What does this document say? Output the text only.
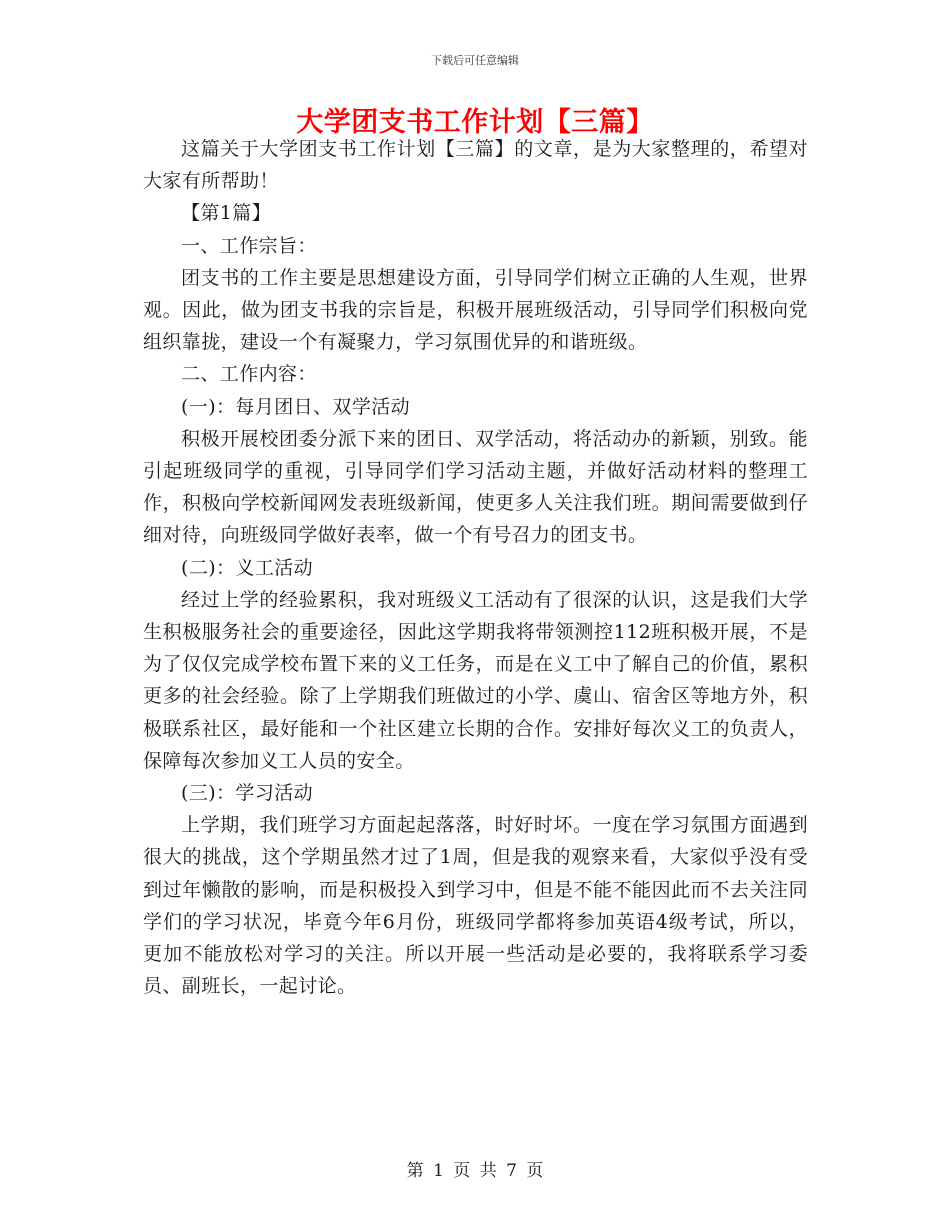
下载后可任意编辑
大学团支书工作计划【三篇】

这篇关于大学团支书工作计划【三篇】的文章，是为大家整理的，希望对大家有所帮助！

【第1篇】

一、工作宗旨：

团支书的工作主要是思想建设方面，引导同学们树立正确的人生观，世界观。因此，做为团支书我的宗旨是，积极开展班级活动，引导同学们积极向党组织靠拢，建设一个有凝聚力，学习氛围优异的和谐班级。

二、工作内容：

(一)：每月团日、双学活动

积极开展校团委分派下来的团日、双学活动，将活动办的新颖，别致。能引起班级同学的重视，引导同学们学习活动主题，并做好活动材料的整理工作，积极向学校新闻网发表班级新闻，使更多人关注我们班。期间需要做到仔细对待，向班级同学做好表率，做一个有号召力的团支书。

(二)：义工活动

经过上学的经验累积，我对班级义工活动有了很深的认识，这是我们大学生积极服务社会的重要途径，因此这学期我将带领测控112班积极开展，不是为了仅仅完成学校布置下来的义工任务，而是在义工中了解自己的价值，累积更多的社会经验。除了上学期我们班做过的小学、虞山、宿舍区等地方外，积极联系社区，最好能和一个社区建立长期的合作。安排好每次义工的负责人，保障每次参加义工人员的安全。

(三)：学习活动

上学期，我们班学习方面起起落落，时好时坏。一度在学习氛围方面遇到很大的挑战，这个学期虽然才过了1周，但是我的观察来看，大家似乎没有受到过年懒散的影响，而是积极投入到学习中，但是不能不能因此而不去关注同学们的学习状况，毕竟今年6月份，班级同学都将参加英语4级考试，所以，更加不能放松对学习的关注。所以开展一些活动是必要的，我将联系学习委员、副班长，一起讨论。

第 1 页 共 7 页
